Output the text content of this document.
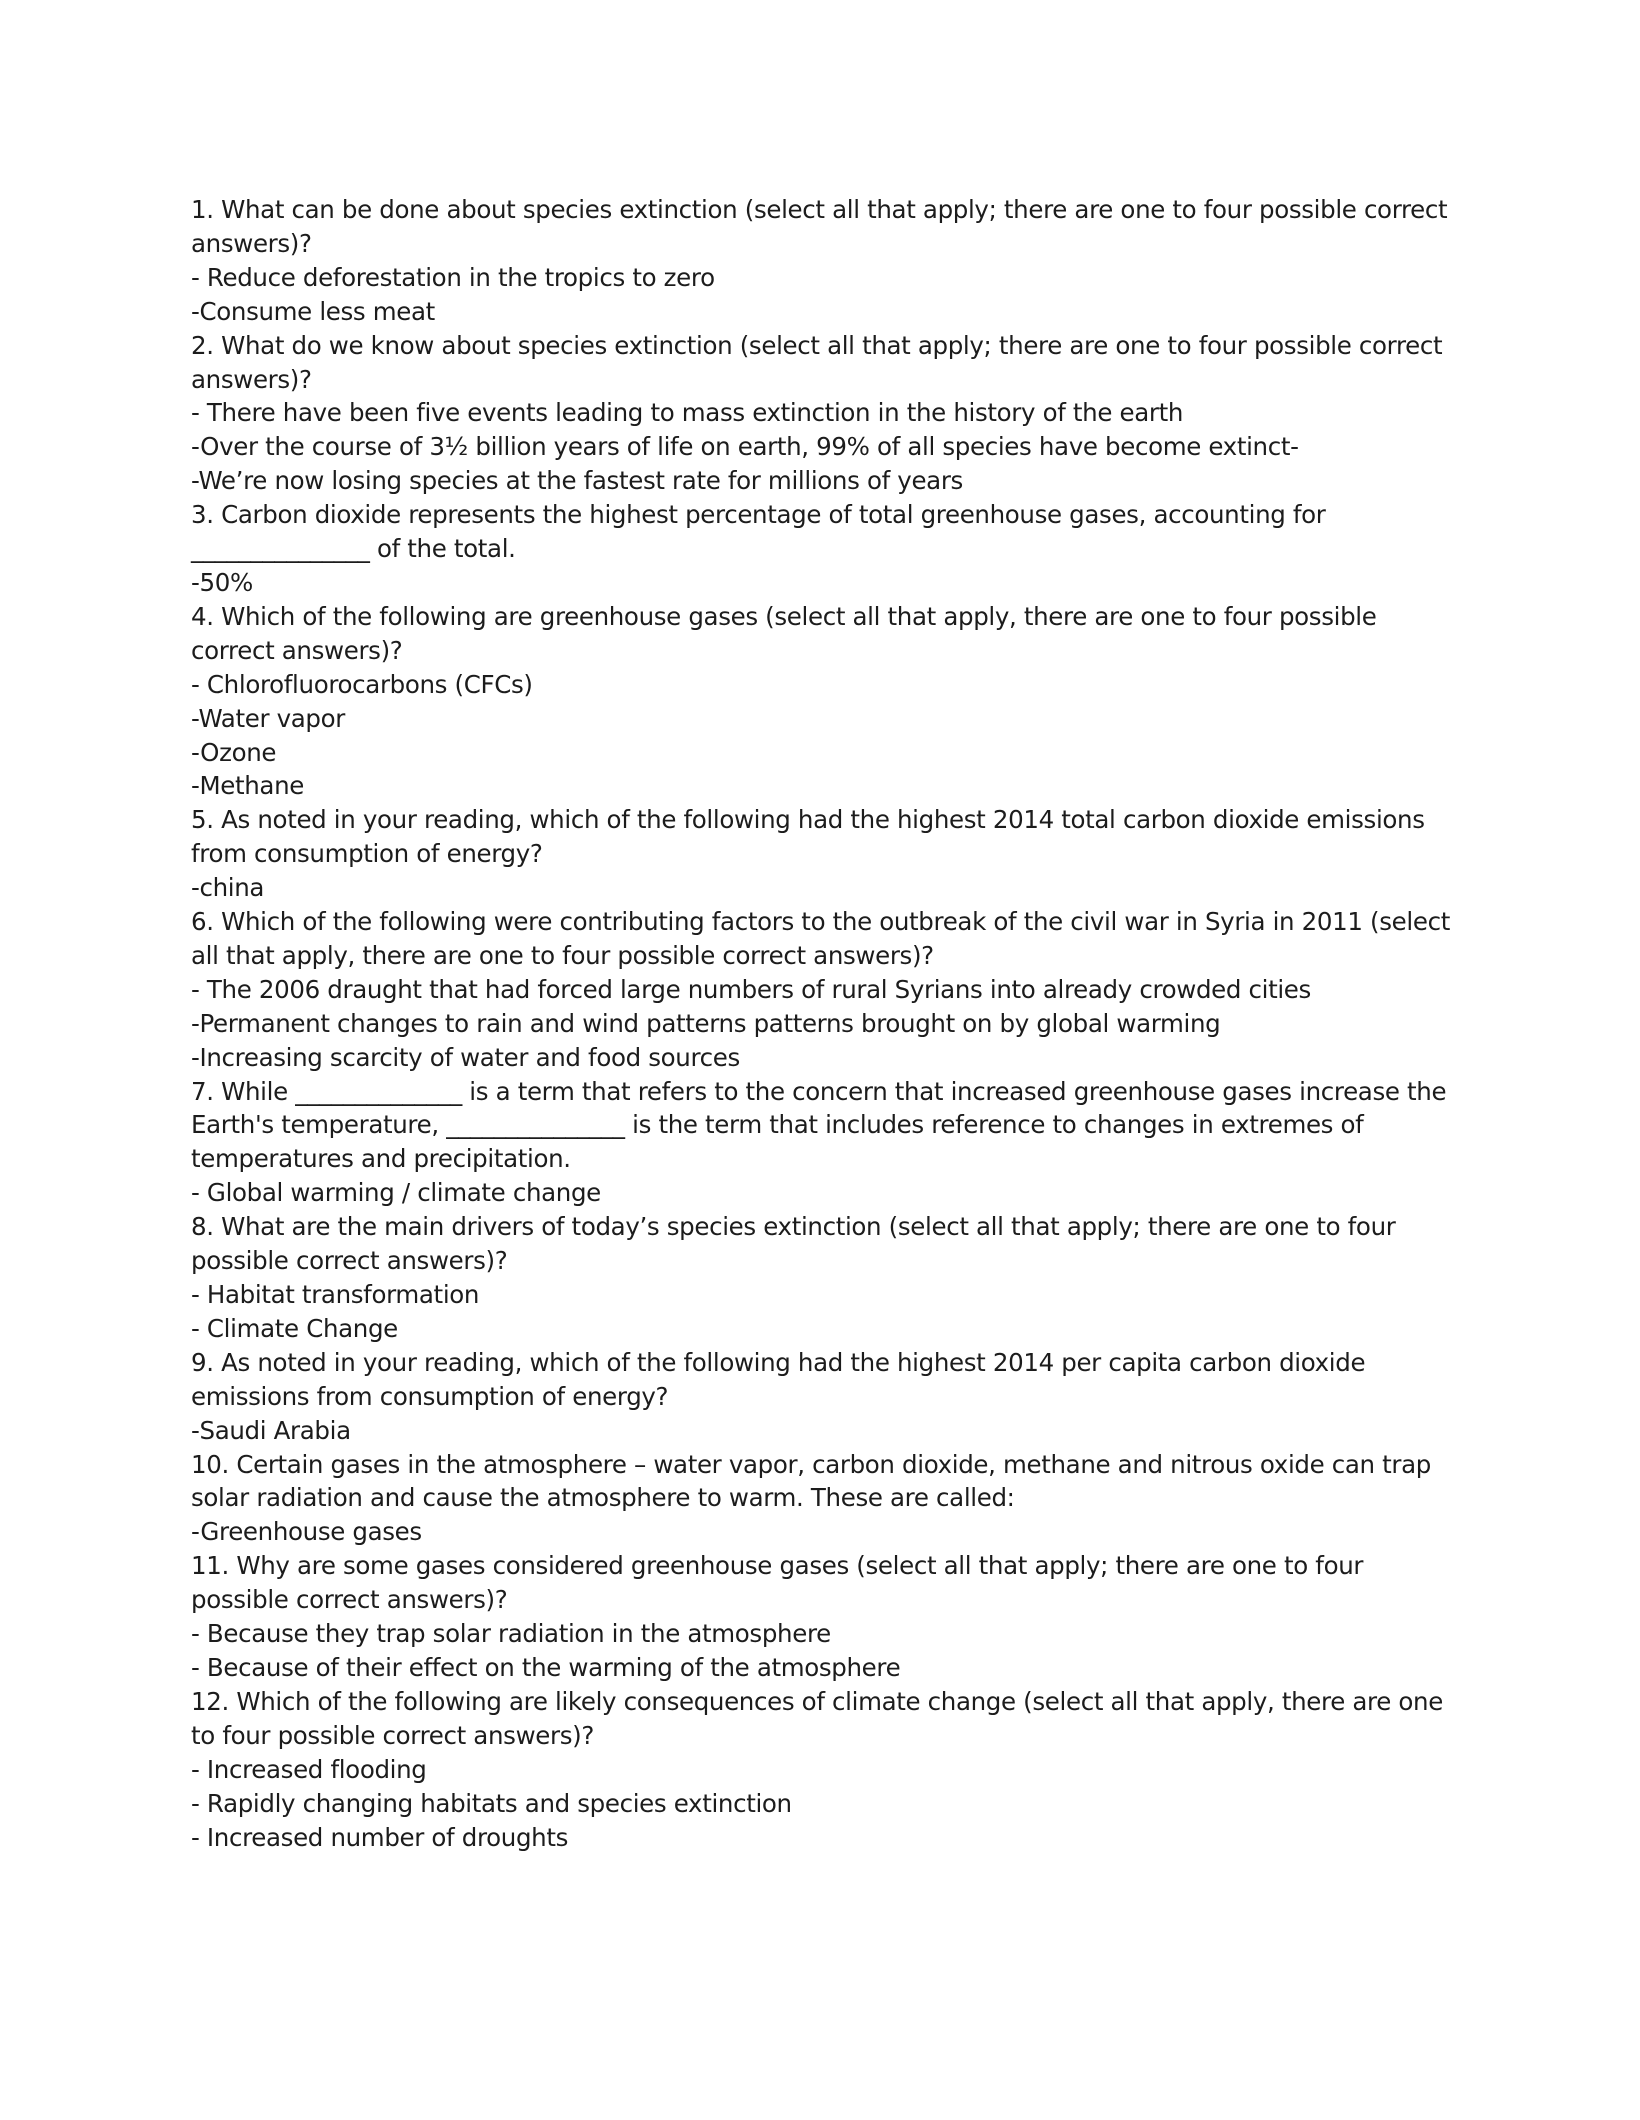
1. What can be done about species extinction (select all that apply; there are one to four possible correct answers)?

- Reduce deforestation in the tropics to zero

-Consume less meat

2. What do we know about species extinction (select all that apply; there are one to four possible correct answers)?

- There have been five events leading to mass extinction in the history of the earth

-Over the course of 3½ billion years of life on earth, 99% of all species have become extinct-

-We’re now losing species at the fastest rate for millions of years

3. Carbon dioxide represents the highest percentage of total greenhouse gases, accounting for _______________ of the total.

-50%

4. Which of the following are greenhouse gases (select all that apply, there are one to four possible correct answers)?

- Chlorofluorocarbons (CFCs)

-Water vapor

-Ozone

-Methane

5. As noted in your reading, which of the following had the highest 2014 total carbon dioxide emissions from consumption of energy?

-china

6. Which of the following were contributing factors to the outbreak of the civil war in Syria in 2011 (select all that apply, there are one to four possible correct answers)?

- The 2006 draught that had forced large numbers of rural Syrians into already crowded cities

-Permanent changes to rain and wind patterns patterns brought on by global warming

-Increasing scarcity of water and food sources

7. While ______________ is a term that refers to the concern that increased greenhouse gases increase the Earth's temperature, _______________ is the term that includes reference to changes in extremes of temperatures and precipitation.

- Global warming / climate change

8. What are the main drivers of today’s species extinction (select all that apply; there are one to four possible correct answers)?

- Habitat transformation

- Climate Change

9. As noted in your reading, which of the following had the highest 2014 per capita carbon dioxide emissions from consumption of energy?

-Saudi Arabia

10. Certain gases in the atmosphere – water vapor, carbon dioxide, methane and nitrous oxide can trap solar radiation and cause the atmosphere to warm. These are called:

-Greenhouse gases

11. Why are some gases considered greenhouse gases (select all that apply; there are one to four possible correct answers)?

- Because they trap solar radiation in the atmosphere

- Because of their effect on the warming of the atmosphere

12. Which of the following are likely consequences of climate change (select all that apply, there are one to four possible correct answers)?

- Increased flooding

- Rapidly changing habitats and species extinction

- Increased number of droughts
